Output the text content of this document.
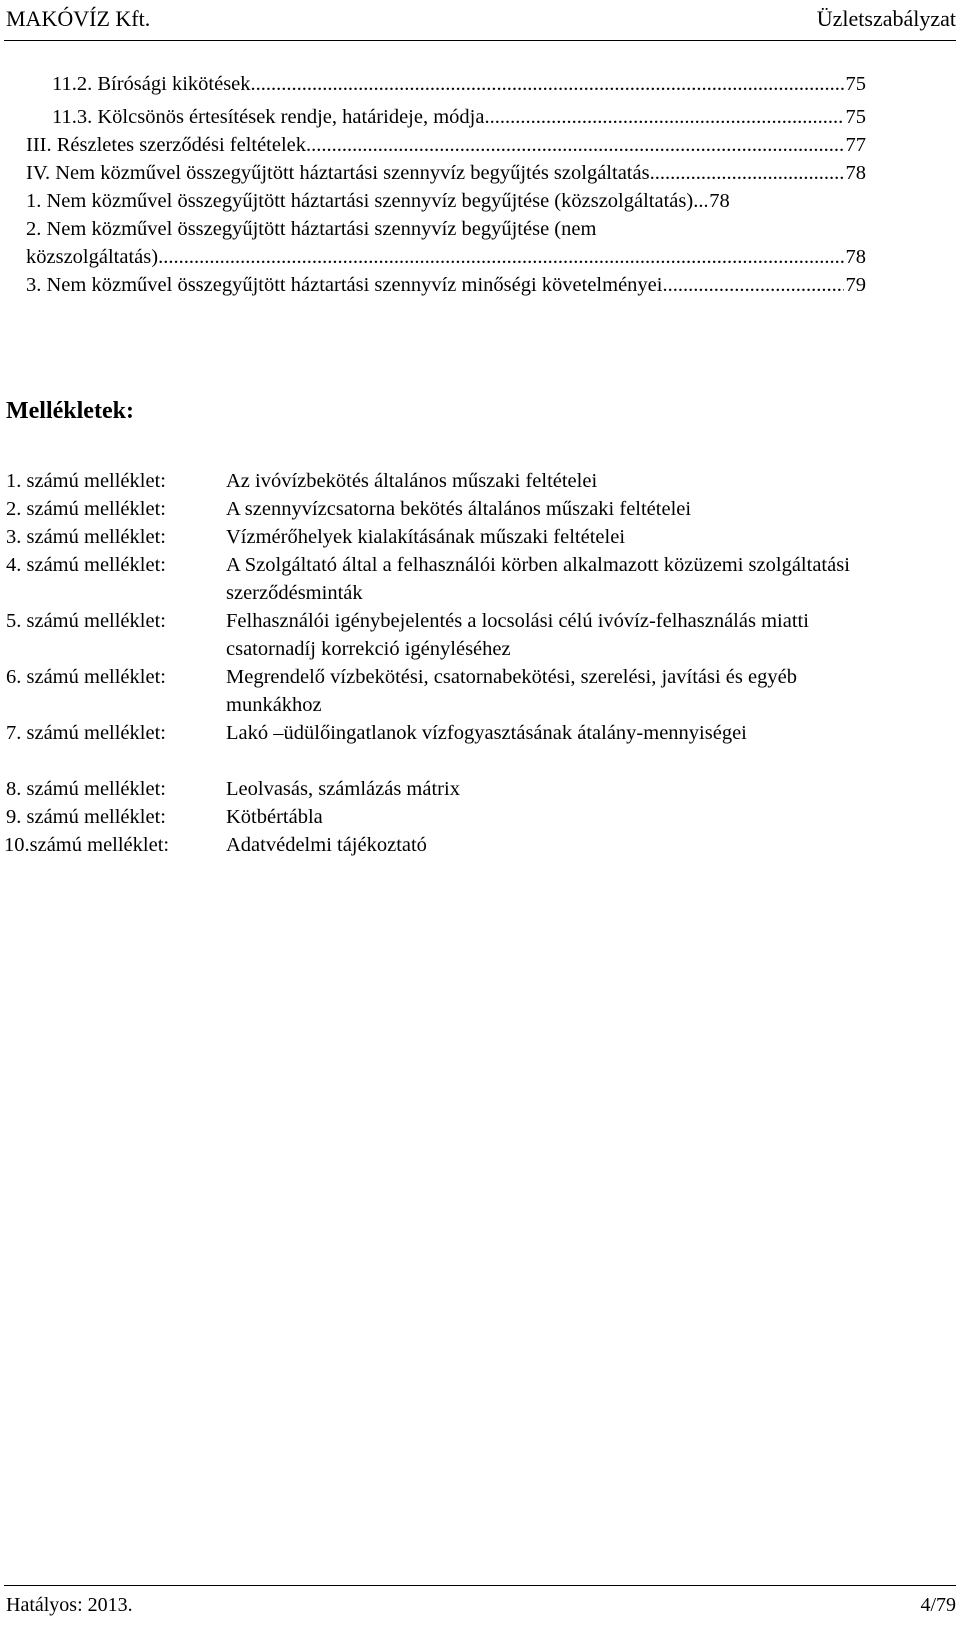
MAKÓVÍZ Kft.	Üzletszabályzat
11.2. Bírósági kikötések .....	75
11.3. Kölcsönös értesítések rendje, határideje, módja .....	75
III. Részletes szerződési feltételek .....	77
IV. Nem közművel összegyűjtött háztartási szennyvíz begyűjtés szolgáltatás .....	78
1. Nem közművel összegyűjtött háztartási szennyvíz begyűjtése (közszolgáltatás) ..... 78
2. Nem közművel összegyűjtött háztartási szennyvíz begyűjtése (nem
közszolgáltatás) .....	78
3. Nem közművel összegyűjtött háztartási szennyvíz minőségi követelményei .....	79
Mellékletek:
1. számú melléklet:	Az ivóvízbekötés általános műszaki feltételei
2. számú melléklet:	A szennyvízcsatorna bekötés általános műszaki feltételei
3. számú melléklet:	Vízmérőhelyek kialakításának műszaki feltételei
4. számú melléklet:	A Szolgáltató által a felhasználói körben alkalmazott közüzemi szolgáltatási szerződésminták
5. számú melléklet:	Felhasználói igénybejelentés a locsolási célú ivóvíz-felhasználás miatti csatornadíj korrekció igényléséhez
6. számú melléklet:	Megrendelő vízbekötési, csatornabekötési, szerelési, javítási és egyéb munkákhoz
7. számú melléklet:	Lakó –üdülőingatlanok vízfogyasztásának átalány-mennyiségei
8. számú melléklet:	Leolvasás, számlázás mátrix
9. számú melléklet:	Kötbértábla
10.számú melléklet:	Adatvédelmi tájékoztató
Hatályos: 2013.	4/79
